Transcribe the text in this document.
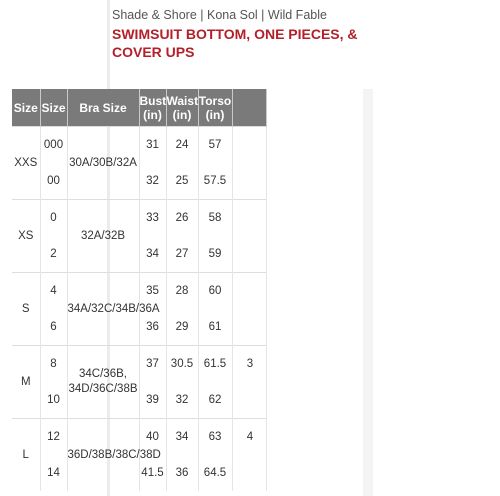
Shade & Shore | Kona Sol | Wild Fable
SWIMSUIT BOTTOM, ONE PIECES, & COVER UPS
Size	Size	Bra Size	Bust (in)	Waist (in)	Torso (in)	
XXS	000	30A/30B/32A	31	24	57	
	00		32	25	57.5	
XS	0	32A/32B	33	26	58	
	2		34	27	59	
S	4	34A/32C/34B/36A	35	28	60	
	6		36	29	61	
M	8	34C/36B, 34D/36C/38B	37	30.5	61.5	3
	10		39	32	62	
L	12	36D/38B/38C/38D	40	34	63	4
	14		41.5	36	64.5	
